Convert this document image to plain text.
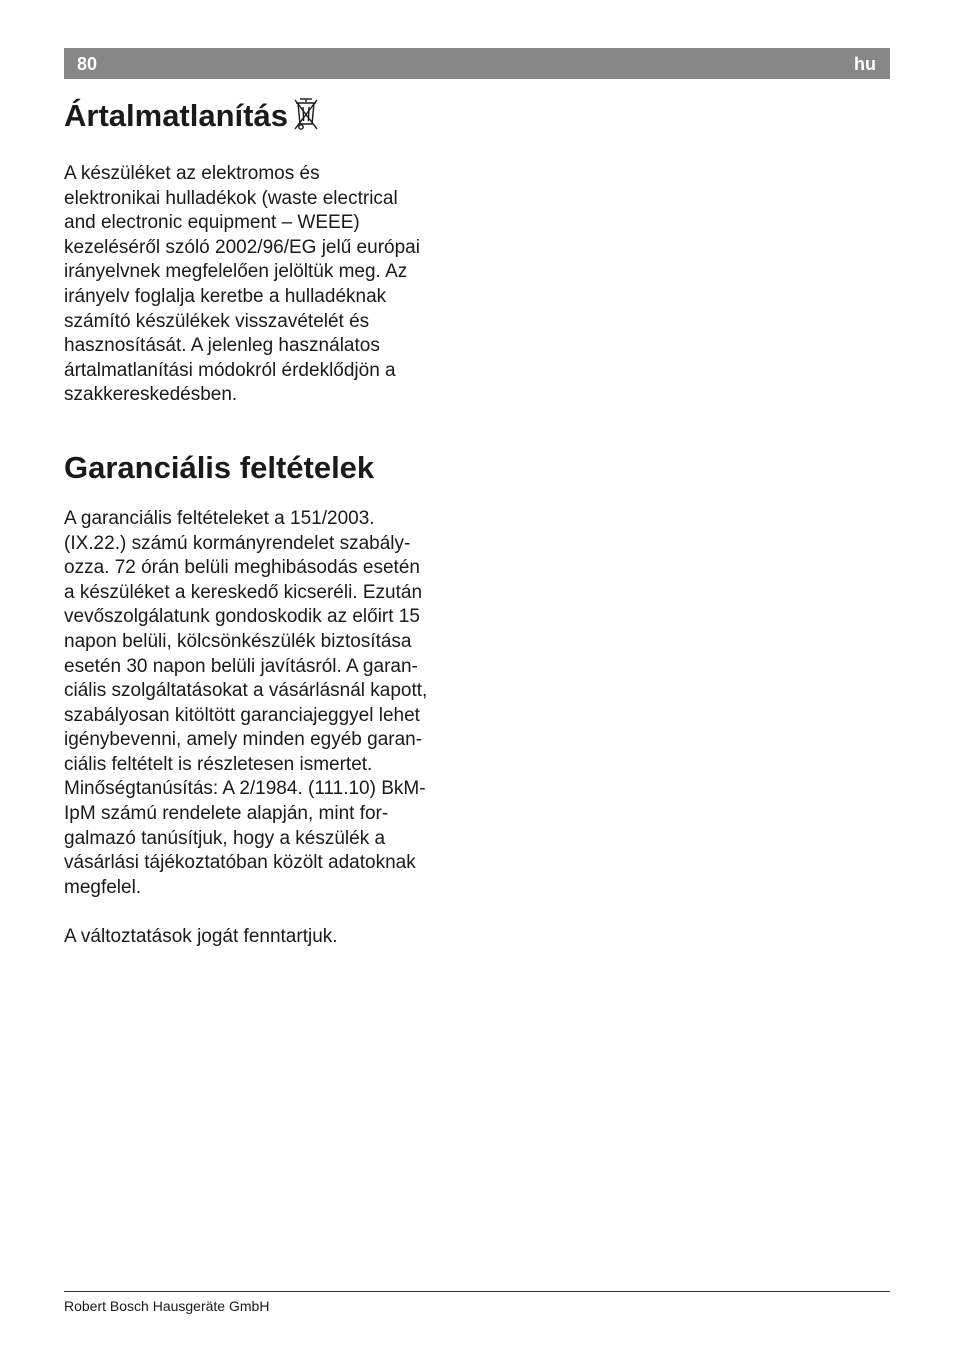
80	hu
Ártalmatlanítás

A készüléket az elektromos és
elektronikai hulladékok (waste electrical
and electronic equipment – WEEE)
kezeléséről szóló 2002/96/EG jelű európai
irányelvnek megfelelően jelöltük meg. Az
irányelv foglalja keretbe a hulladéknak
számító készülékek visszavételét és
hasznosítását. A jelenleg használatos
ártalmatlanítási módokról érdeklődjön a
szakkereskedésben.

Garanciális feltételek

A garanciális feltételeket a 151/2003.
(IX.22.) számú kormányrendelet szabály-
ozza. 72 órán belüli meghibásodás esetén
a készüléket a kereskedő kicseréli. Ezután
vevőszolgálatunk gondoskodik az előirt 15
napon belüli, kölcsönkészülék biztosítása
esetén 30 napon belüli javításról. A garan-
ciális szolgáltatásokat a vásárlásnál kapott,
szabályosan kitöltött garanciajeggyel lehet
igénybevenni, amely minden egyéb garan-
ciális feltételt is részletesen ismertet.
Minőségtanúsítás: A 2/1984. (111.10) BkM-
IpM számú rendelete alapján, mint for-
galmazó tanúsítjuk, hogy a készülék a
vásárlási tájékoztatóban közölt adatoknak
megfelel.

A változtatások jogát fenntartjuk.

Robert Bosch Hausgeräte GmbH
